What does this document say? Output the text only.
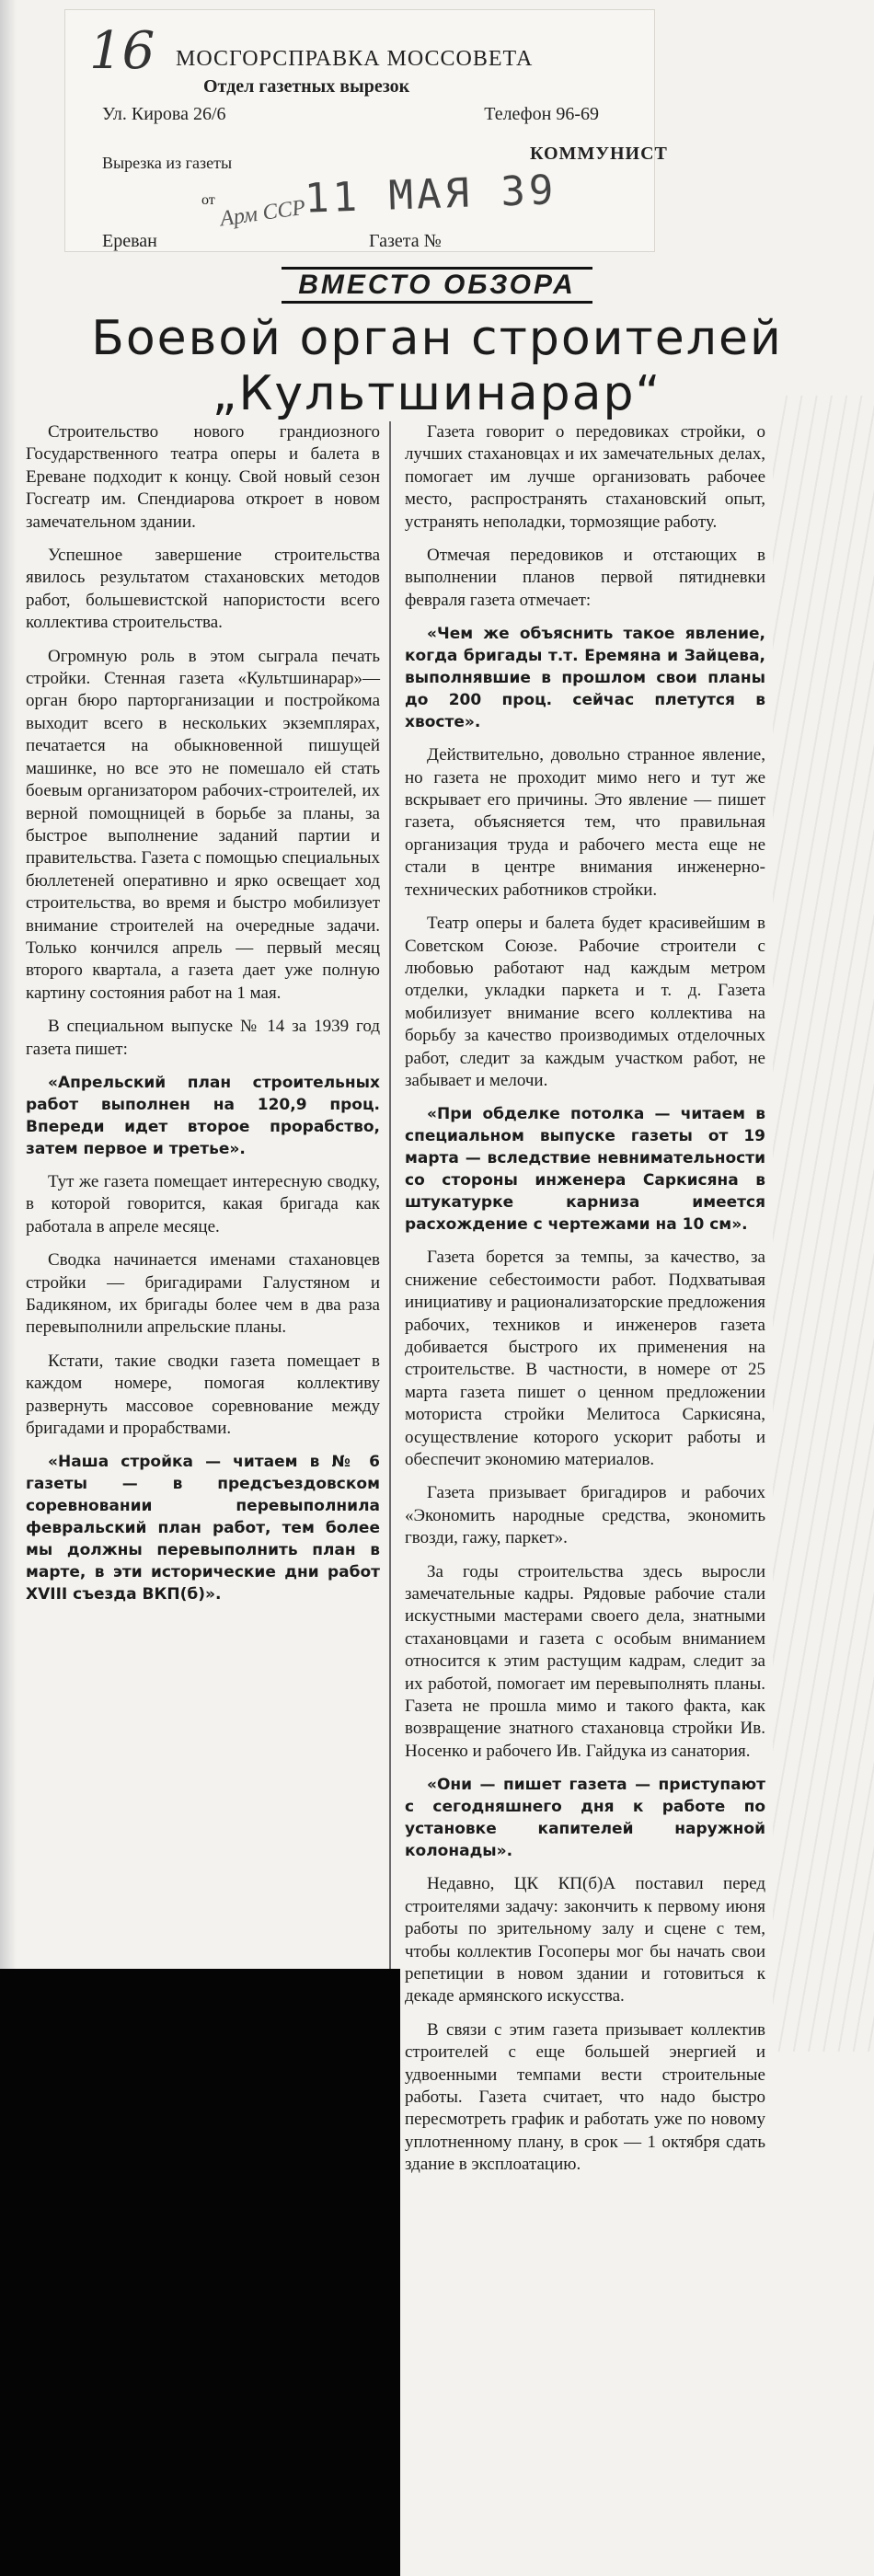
16 МОСГОРСПРАВКА МОССОВЕТА
Отдел газетных вырезок
Ул. Кирова 26/6	Телефон 96-69
Вырезка из газеты	КОММУНИСТ
от Арм ССР
11 МАЯ 39
Ереван	Газета №
ВМЕСТО ОБЗОРА
Боевой орган строителей
„Культшинарар“

Строительство нового грандиозного Государственного театра оперы и балета в Ереване подходит к концу. Свой новый сезон Госгеатр им. Спендиарова откроет в новом замечательном здании.

Успешное завершение строительства явилось результатом стахановских методов работ, большевистской напористости всего коллектива строительства.

Огромную роль в этом сыграла печать стройки. Стенная газета «Культшинарар»—орган бюро парторганизации и постройкома выходит всего в нескольких экземплярах, печатается на обыкновенной пишущей машинке, но все это не помешало ей стать боевым организатором рабочих-строителей, их верной помощницей в борьбе за планы, за быстрое выполнение заданий партии и правительства. Газета с помощью специальных бюллетеней оперативно и ярко освещает ход строительства, во время и быстро мобилизует внимание строителей на очередные задачи. Только кончился апрель — первый месяц второго квартала, а газета дает уже полную картину состояния работ на 1 мая.

В специальном выпуске № 14 за 1939 год газета пишет:

«Апрельский план строительных работ выполнен на 120,9 проц. Впереди идет второе прорабство, затем первое и третье».

Тут же газета помещает интересную сводку, в которой говорится, какая бригада как работала в апреле месяце.

Сводка начинается именами стахановцев стройки — бригадирами Галустяном и Бадикяном, их бригады более чем в два раза перевыполнили апрельские планы.

Кстати, такие сводки газета помещает в каждом номере, помогая коллективу развернуть массовое соревнование между бригадами и прорабствами.

«Наша стройка — читаем в № 6 газеты — в предсъездовском соревновании перевыполнила февральский план работ, тем более мы должны перевыполнить план в марте, в эти исторические дни работ XVIII съезда ВКП(б)».

Газета говорит о передовиках стройки, о лучших стахановцах и их замечательных делах, помогает им лучше организовать рабочее место, распространять стахановский опыт, устранять неполадки, тормозящие работу.

Отмечая передовиков и отстающих в выполнении планов первой пятидневки февраля газета отмечает:

«Чем же объяснить такое явление, когда бригады т.т. Еремяна и Зайцева, выполнявшие в прошлом свои планы до 200 проц. сейчас плетутся в хвосте».

Действительно, довольно странное явление, но газета не проходит мимо него и тут же вскрывает его причины. Это явление — пишет газета, объясняется тем, что правильная организация труда и рабочего места еще не стали в центре внимания инженерно-технических работников стройки.

Театр оперы и балета будет красивейшим в Советском Союзе. Рабочие строители с любовью работают над каждым метром отделки, укладки паркета и т. д. Газета мобилизует внимание всего коллектива на борьбу за качество производимых отделочных работ, следит за каждым участком работ, не забывает и мелочи.

«При обделке потолка — читаем в специальном выпуске газеты от 19 марта — вследствие невнимательности со стороны инженера Саркисяна в штукатурке карниза имеется расхождение с чертежами на 10 см».

Газета борется за темпы, за качество, за снижение себестоимости работ. Подхватывая инициативу и рационализаторские предложения рабочих, техников и инженеров газета добивается быстрого их применения на строительстве. В частности, в номере от 25 марта газета пишет о ценном предложении моториста стройки Мелитоса Саркисяна, осуществление которого ускорит работы и обеспечит экономию материалов.

Газета призывает бригадиров и рабочих «Экономить народные средства, экономить гвозди, гажу, паркет».

За годы строительства здесь выросли замечательные кадры. Рядовые рабочие стали искустными мастерами своего дела, знатными стахановцами и газета с особым вниманием относится к этим растущим кадрам, следит за их работой, помогает им перевыполнять планы. Газета не прошла мимо и такого факта, как возвращение знатного стахановца стройки Ив. Носенко и рабочего Ив. Гайдука из санатория.

«Они — пишет газета — приступают с сегодняшнего дня к работе по установке капителей наружной колонады».

Недавно, ЦК КП(б)А поставил перед строителями задачу: закончить к первому июня работы по зрительному залу и сцене с тем, чтобы коллектив Госоперы мог бы начать свои репетиции в новом здании и готовиться к декаде армянского искусства.

В связи с этим газета призывает коллектив строителей с еще большей энергией и удвоенными темпами вести строительные работы. Газета считает, что надо быстро пересмотреть график и работать уже по новому уплотненному плану, в срок — 1 октября сдать здание в эксплоатацию.
